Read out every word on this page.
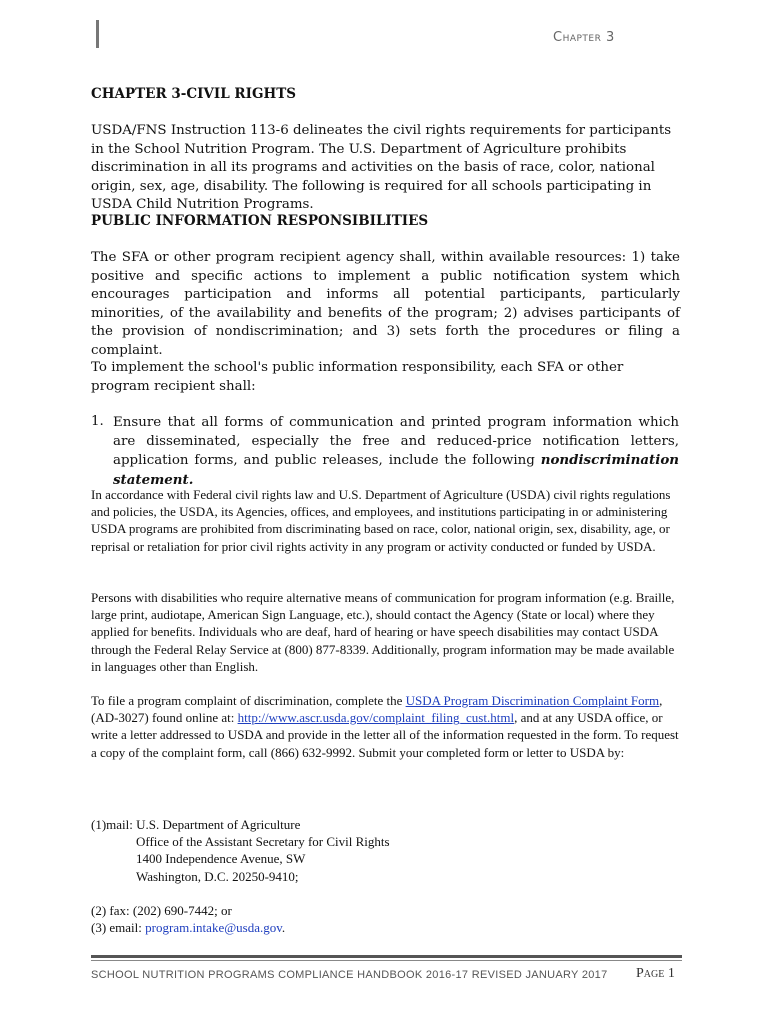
Chapter 3
CHAPTER 3-CIVIL RIGHTS
USDA/FNS Instruction 113-6 delineates the civil rights requirements for participants in the School Nutrition Program. The U.S. Department of Agriculture prohibits discrimination in all its programs and activities on the basis of race, color, national origin, sex, age, disability. The following is required for all schools participating in USDA Child Nutrition Programs.
PUBLIC INFORMATION RESPONSIBILITIES
The SFA or other program recipient agency shall, within available resources: 1) take positive and specific actions to implement a public notification system which encourages participation and informs all potential participants, particularly minorities, of the availability and benefits of the program; 2) advises participants of the provision of nondiscrimination; and 3) sets forth the procedures or filing a complaint.
To implement the school's public information responsibility, each SFA or other program recipient shall:
1. Ensure that all forms of communication and printed program information which are disseminated, especially the free and reduced-price notification letters, application forms, and public releases, include the following nondiscrimination statement.
In accordance with Federal civil rights law and U.S. Department of Agriculture (USDA) civil rights regulations and policies, the USDA, its Agencies, offices, and employees, and institutions participating in or administering USDA programs are prohibited from discriminating based on race, color, national origin, sex, disability, age, or reprisal or retaliation for prior civil rights activity in any program or activity conducted or funded by USDA.
Persons with disabilities who require alternative means of communication for program information (e.g. Braille, large print, audiotape, American Sign Language, etc.), should contact the Agency (State or local) where they applied for benefits. Individuals who are deaf, hard of hearing or have speech disabilities may contact USDA through the Federal Relay Service at (800) 877-8339. Additionally, program information may be made available in languages other than English.
To file a program complaint of discrimination, complete the USDA Program Discrimination Complaint Form, (AD-3027) found online at: http://www.ascr.usda.gov/complaint_filing_cust.html, and at any USDA office, or write a letter addressed to USDA and provide in the letter all of the information requested in the form. To request a copy of the complaint form, call (866) 632-9992. Submit your completed form or letter to USDA by:
(1)mail: U.S. Department of Agriculture
Office of the Assistant Secretary for Civil Rights
1400 Independence Avenue, SW
Washington, D.C. 20250-9410;
(2) fax: (202) 690-7442; or
(3) email: program.intake@usda.gov.
SCHOOL NUTRITION PROGRAMS COMPLIANCE HANDBOOK 2016-17 REVISED JANUARY 2017 Page 1
